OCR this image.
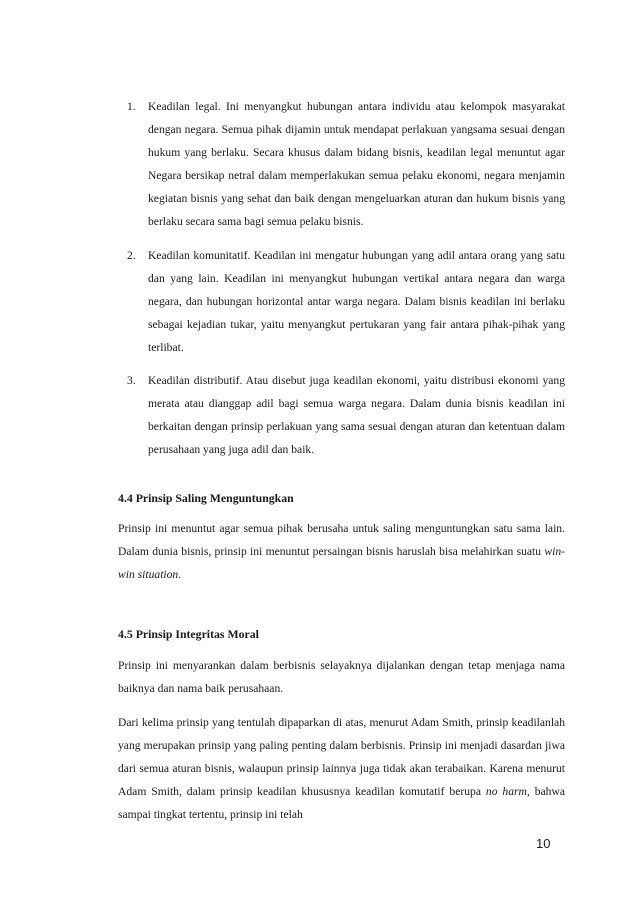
1. Keadilan legal. Ini menyangkut hubungan antara individu atau kelompok masyarakat dengan negara. Semua pihak dijamin untuk mendapat perlakuan yangsama sesuai dengan hukum yang berlaku. Secara khusus dalam bidang bisnis, keadilan legal menuntut agar Negara bersikap netral dalam memperlakukan semua pelaku ekonomi, negara menjamin kegiatan bisnis yang sehat dan baik dengan mengeluarkan aturan dan hukum bisnis yang berlaku secara sama bagi semua pelaku bisnis.
2. Keadilan komunitatif. Keadilan ini mengatur hubungan yang adil antara orang yang satu dan yang lain. Keadilan ini menyangkut hubungan vertikal antara negara dan warga negara, dan hubungan horizontal antar warga negara. Dalam bisnis keadilan ini berlaku sebagai kejadian tukar, yaitu menyangkut pertukaran yang fair antara pihak-pihak yang terlibat.
3. Keadilan distributif. Atau disebut juga keadilan ekonomi, yaitu distribusi ekonomi yang merata atau dianggap adil bagi semua warga negara. Dalam dunia bisnis keadilan ini berkaitan dengan prinsip perlakuan yang sama sesuai dengan aturan dan ketentuan dalam perusahaan yang juga adil dan baik.
4.4 Prinsip Saling Menguntungkan

Prinsip ini menuntut agar semua pihak berusaha untuk saling menguntungkan satu sama lain. Dalam dunia bisnis, prinsip ini menuntut persaingan bisnis haruslah bisa melahirkan suatu win-win situation.

4.5 Prinsip Integritas Moral

Prinsip ini menyarankan dalam berbisnis selayaknya dijalankan dengan tetap menjaga nama baiknya dan nama baik perusahaan.

Dari kelima prinsip yang tentulah dipaparkan di atas, menurut Adam Smith, prinsip keadilanlah yang merupakan prinsip yang paling penting dalam berbisnis. Prinsip ini menjadi dasardan jiwa dari semua aturan bisnis, walaupun prinsip lainnya juga tidak akan terabaikan. Karena menurut Adam Smith, dalam prinsip keadilan khususnya keadilan komutatif berupa no harm, bahwa sampai tingkat tertentu, prinsip ini telah

10
